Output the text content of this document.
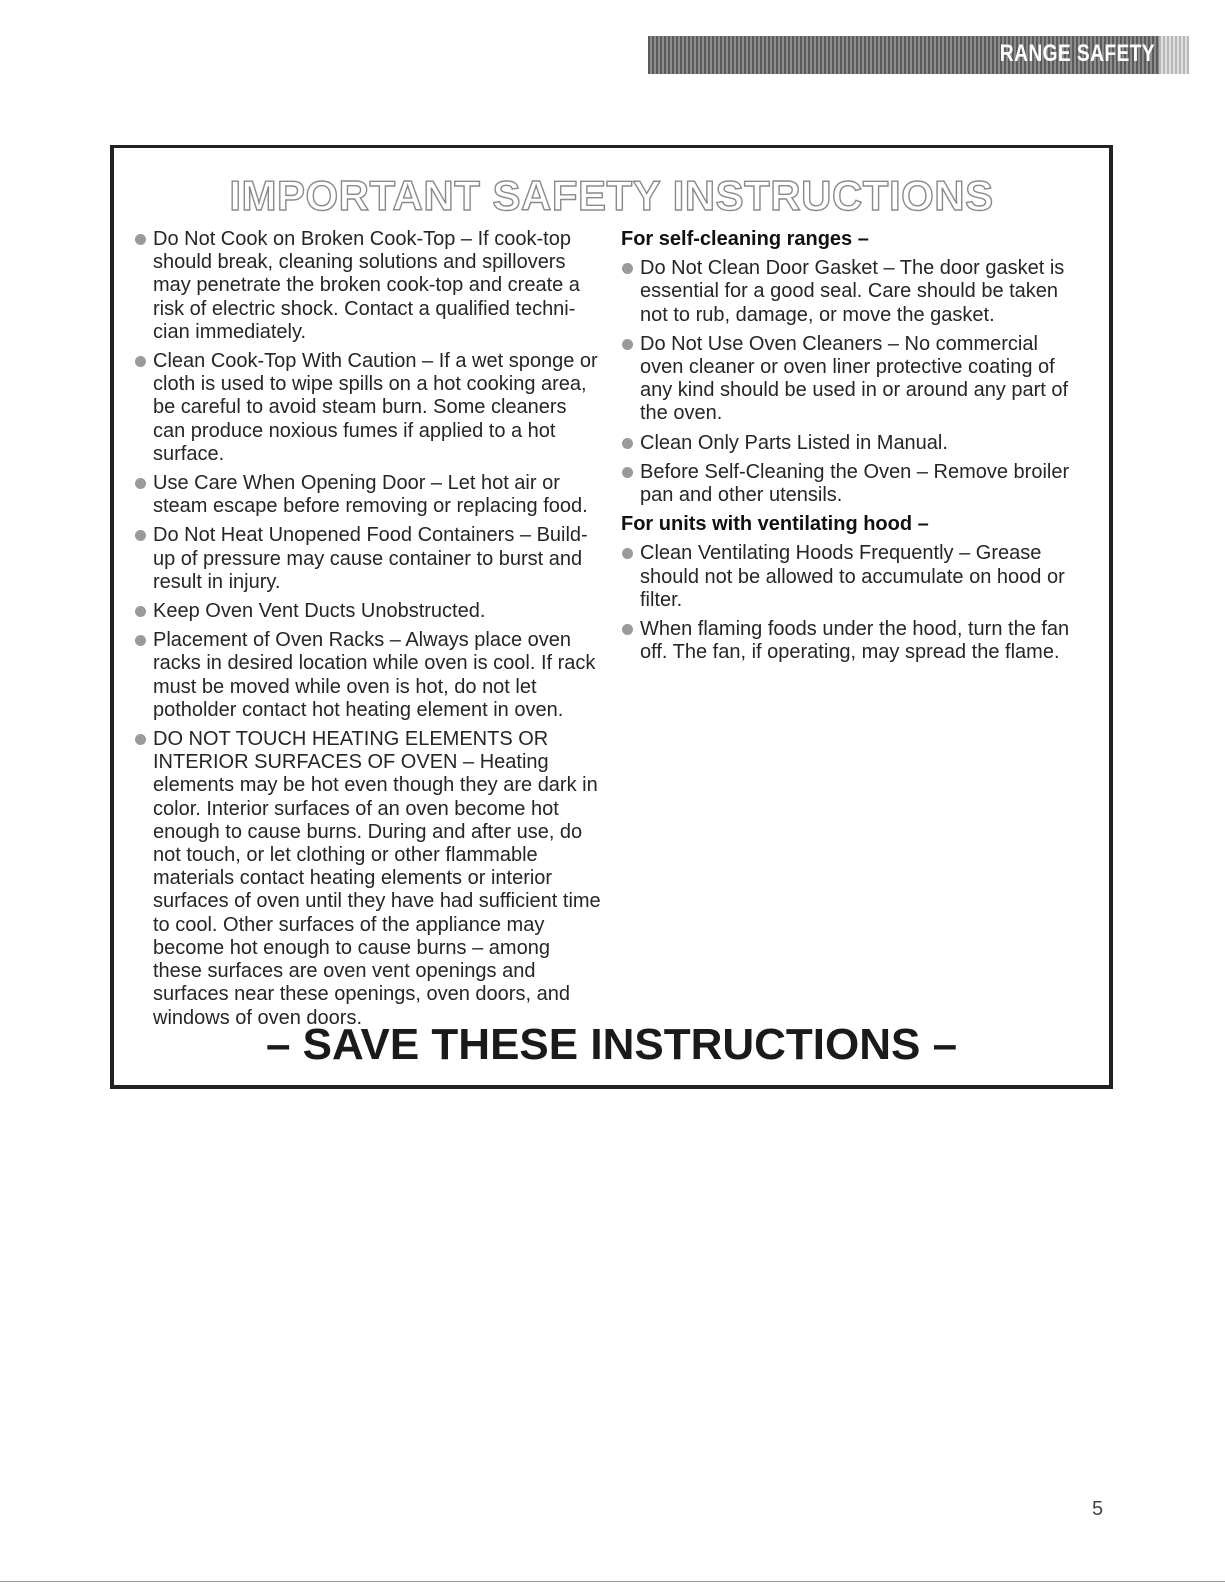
RANGE SAFETY
IMPORTANT SAFETY INSTRUCTIONS
Do Not Cook on Broken Cook-Top – If cook-top should break, cleaning solutions and spillovers may penetrate the broken cook-top and create a risk of electric shock. Contact a qualified techni-cian immediately.
Clean Cook-Top With Caution – If a wet sponge or cloth is used to wipe spills on a hot cooking area, be careful to avoid steam burn. Some cleaners can produce noxious fumes if applied to a hot surface.
Use Care When Opening Door – Let hot air or steam escape before removing or replacing food.
Do Not Heat Unopened Food Containers – Build-up of pressure may cause container to burst and result in injury.
Keep Oven Vent Ducts Unobstructed.
Placement of Oven Racks – Always place oven racks in desired location while oven is cool. If rack must be moved while oven is hot, do not let potholder contact hot heating element in oven.
DO NOT TOUCH HEATING ELEMENTS OR INTERIOR SURFACES OF OVEN – Heating elements may be hot even though they are dark in color. Interior surfaces of an oven become hot enough to cause burns. During and after use, do not touch, or let clothing or other flammable materials contact heating elements or interior surfaces of oven until they have had sufficient time to cool. Other surfaces of the appliance may become hot enough to cause burns – among these surfaces are oven vent openings and surfaces near these openings, oven doors, and windows of oven doors.
For self-cleaning ranges –
Do Not Clean Door Gasket – The door gasket is essential for a good seal. Care should be taken not to rub, damage, or move the gasket.
Do Not Use Oven Cleaners – No commercial oven cleaner or oven liner protective coating of any kind should be used in or around any part of the oven.
Clean Only Parts Listed in Manual.
Before Self-Cleaning the Oven – Remove broiler pan and other utensils.
For units with ventilating hood –
Clean Ventilating Hoods Frequently – Grease should not be allowed to accumulate on hood or filter.
When flaming foods under the hood, turn the fan off. The fan, if operating, may spread the flame.
– SAVE THESE INSTRUCTIONS –
5
